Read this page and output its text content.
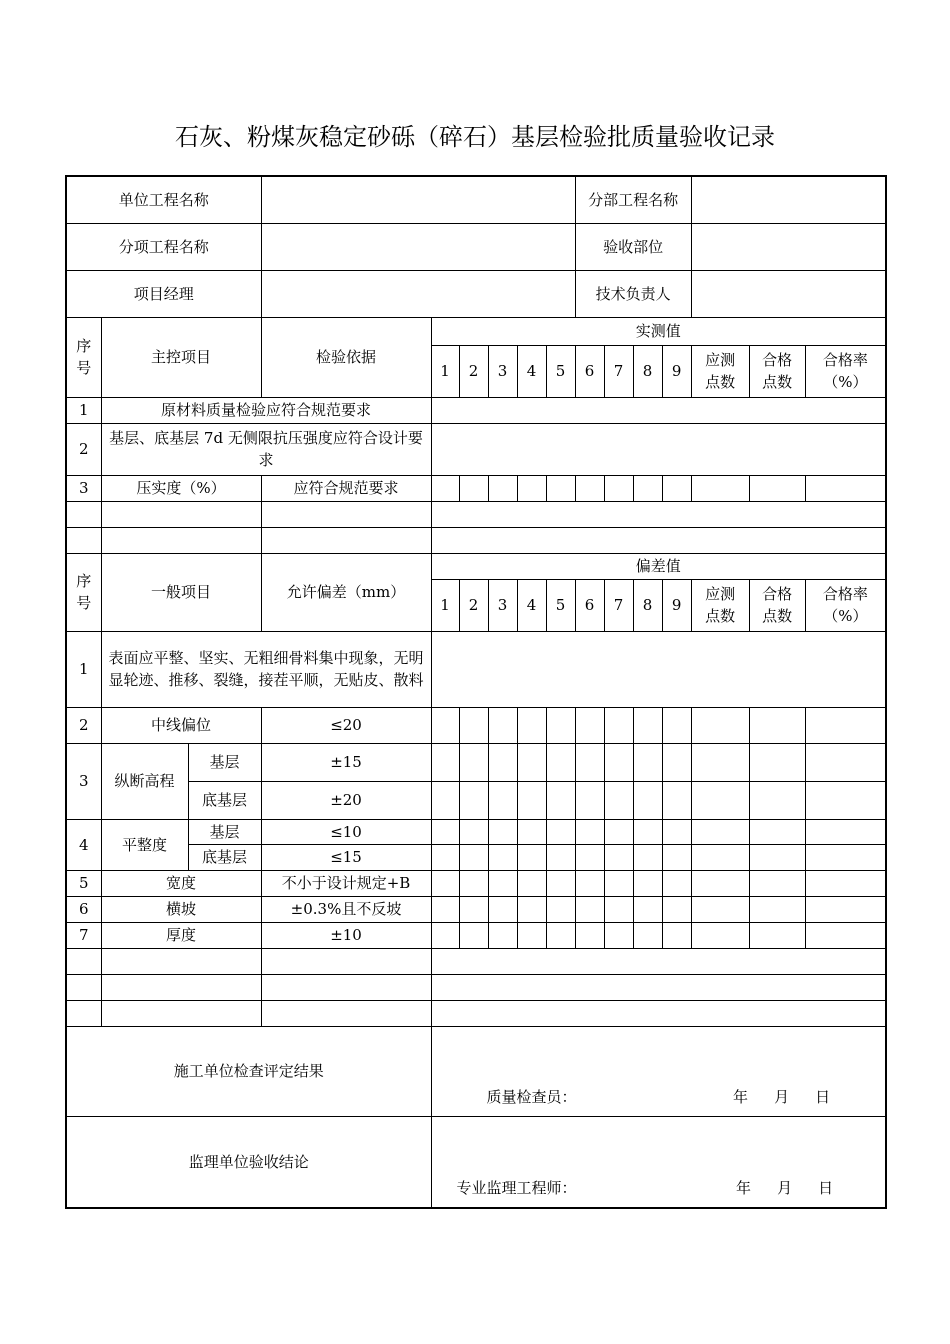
石灰、粉煤灰稳定砂砾（碎石）基层检验批质量验收记录
单位工程名称									分部工程名称						
分项工程名称									验收部位						
项目经理									技术负责人						
序号	主控项目		检验依据	实测值											
				1	2	3	4	5	6	7	8	9	应测点数	合格点数	合格率（%）
1	原材料质量检验应符合规范要求														
2	基层、底基层 7d 无侧限抗压强度应符合设计要求														
3	压实度（%）		应符合规范要求												

序号	一般项目		允许偏差（mm）	偏差值											
				1	2	3	4	5	6	7	8	9	应测点数	合格点数	合格率（%）
1	表面应平整、坚实、无粗细骨料集中现象，无明显轮迹、推移、裂缝，接茬平顺，无贴皮、散料														
2	中线偏位		≤20												
3	纵断高程	基层	±15												
		底基层	±20												
4	平整度	基层	≤10												
		底基层	≤15												
5	宽度		不小于设计规定+B												
6	横坡		±0.3%且不反坡												
7	厚度		±10												

施工单位检查评定结果				质量检查员： 年 月 日											

监理单位验收结论				专业监理工程师： 年 月 日											
